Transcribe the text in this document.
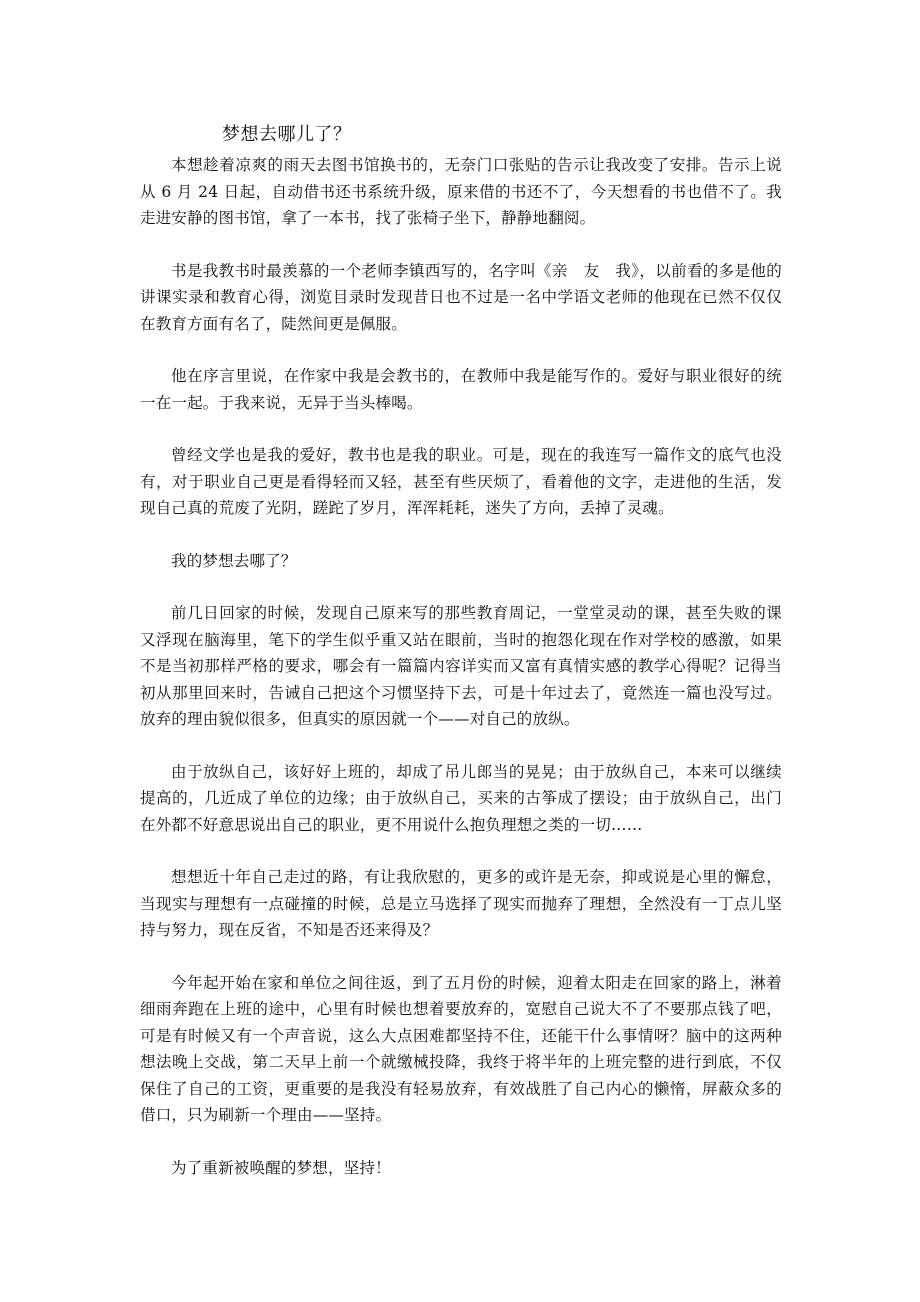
梦想去哪儿了？

本想趁着凉爽的雨天去图书馆换书的，无奈门口张贴的告示让我改变了安排。告示上说从 6 月 24 日起，自动借书还书系统升级，原来借的书还不了，今天想看的书也借不了。我走进安静的图书馆，拿了一本书，找了张椅子坐下，静静地翻阅。

书是我教书时最羡慕的一个老师李镇西写的，名字叫《亲　友　我》，以前看的多是他的讲课实录和教育心得，浏览目录时发现昔日也不过是一名中学语文老师的他现在已然不仅仅在教育方面有名了，陡然间更是佩服。

他在序言里说，在作家中我是会教书的，在教师中我是能写作的。爱好与职业很好的统一在一起。于我来说，无异于当头棒喝。

曾经文学也是我的爱好，教书也是我的职业。可是，现在的我连写一篇作文的底气也没有，对于职业自己更是看得轻而又轻，甚至有些厌烦了，看着他的文字，走进他的生活，发现自己真的荒废了光阴，蹉跎了岁月，浑浑耗耗，迷失了方向，丢掉了灵魂。

我的梦想去哪了？

前几日回家的时候，发现自己原来写的那些教育周记，一堂堂灵动的课，甚至失败的课又浮现在脑海里，笔下的学生似乎重又站在眼前，当时的抱怨化现在作对学校的感激，如果不是当初那样严格的要求，哪会有一篇篇内容详实而又富有真情实感的教学心得呢？记得当初从那里回来时，告诫自己把这个习惯坚持下去，可是十年过去了，竟然连一篇也没写过。放弃的理由貌似很多，但真实的原因就一个——对自己的放纵。

由于放纵自己，该好好上班的，却成了吊儿郎当的晃晃；由于放纵自己，本来可以继续提高的，几近成了单位的边缘；由于放纵自己，买来的古筝成了摆设；由于放纵自己，出门在外都不好意思说出自己的职业，更不用说什么抱负理想之类的一切……

想想近十年自己走过的路，有让我欣慰的，更多的或许是无奈，抑或说是心里的懈怠，当现实与理想有一点碰撞的时候，总是立马选择了现实而抛弃了理想，全然没有一丁点儿坚持与努力，现在反省，不知是否还来得及？

今年起开始在家和单位之间往返，到了五月份的时候，迎着太阳走在回家的路上，淋着细雨奔跑在上班的途中，心里有时候也想着要放弃的，宽慰自己说大不了不要那点钱了吧，可是有时候又有一个声音说，这么大点困难都坚持不住，还能干什么事情呀？脑中的这两种想法晚上交战，第二天早上前一个就缴械投降，我终于将半年的上班完整的进行到底，不仅保住了自己的工资，更重要的是我没有轻易放弃，有效战胜了自己内心的懒惰，屏蔽众多的借口，只为刷新一个理由——坚持。

为了重新被唤醒的梦想，坚持！
